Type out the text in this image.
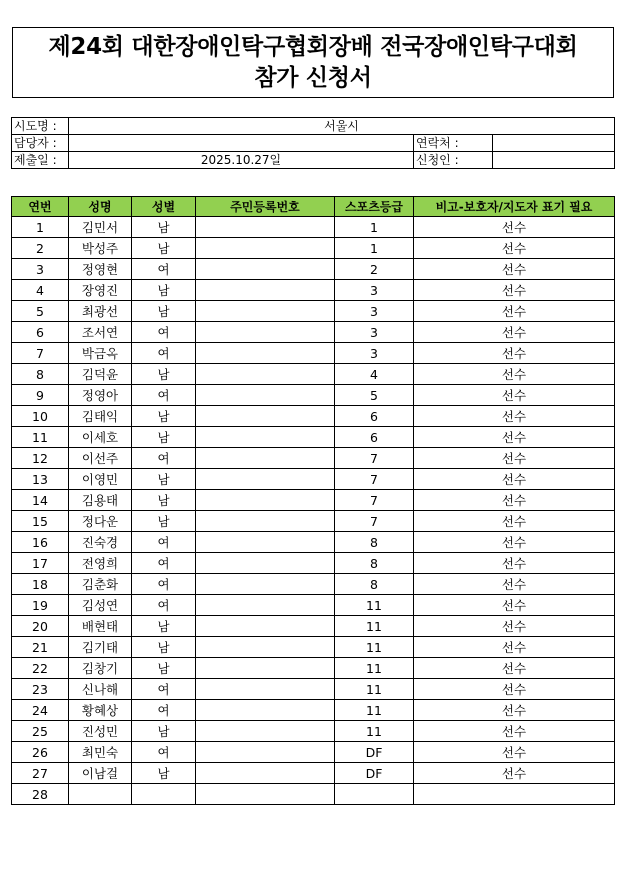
제24회 대한장애인탁구협회장배 전국장애인탁구대회
참가 신청서
시도명 :	서울시		
담당자 :		연락처 :	
제출일 :	2025.10.27일	신청인 :	
연번	성명	성별	주민등록번호	스포츠등급	비고-보호자/지도자 표기 필요
1	김민서	남		1	선수
2	박성주	남		1	선수
3	정영현	여		2	선수
4	장영진	남		3	선수
5	최광선	남		3	선수
6	조서연	여		3	선수
7	박금옥	여		3	선수
8	김덕윤	남		4	선수
9	정영아	여		5	선수
10	김태익	남		6	선수
11	이세호	남		6	선수
12	이선주	여		7	선수
13	이영민	남		7	선수
14	김용태	남		7	선수
15	정다운	남		7	선수
16	진숙경	여		8	선수
17	전영희	여		8	선수
18	김춘화	여		8	선수
19	김성연	여		11	선수
20	배현태	남		11	선수
21	김기태	남		11	선수
22	김창기	남		11	선수
23	신나해	여		11	선수
24	황혜상	여		11	선수
25	진성민	남		11	선수
26	최민숙	여		DF	선수
27	이남걸	남		DF	선수
28					
